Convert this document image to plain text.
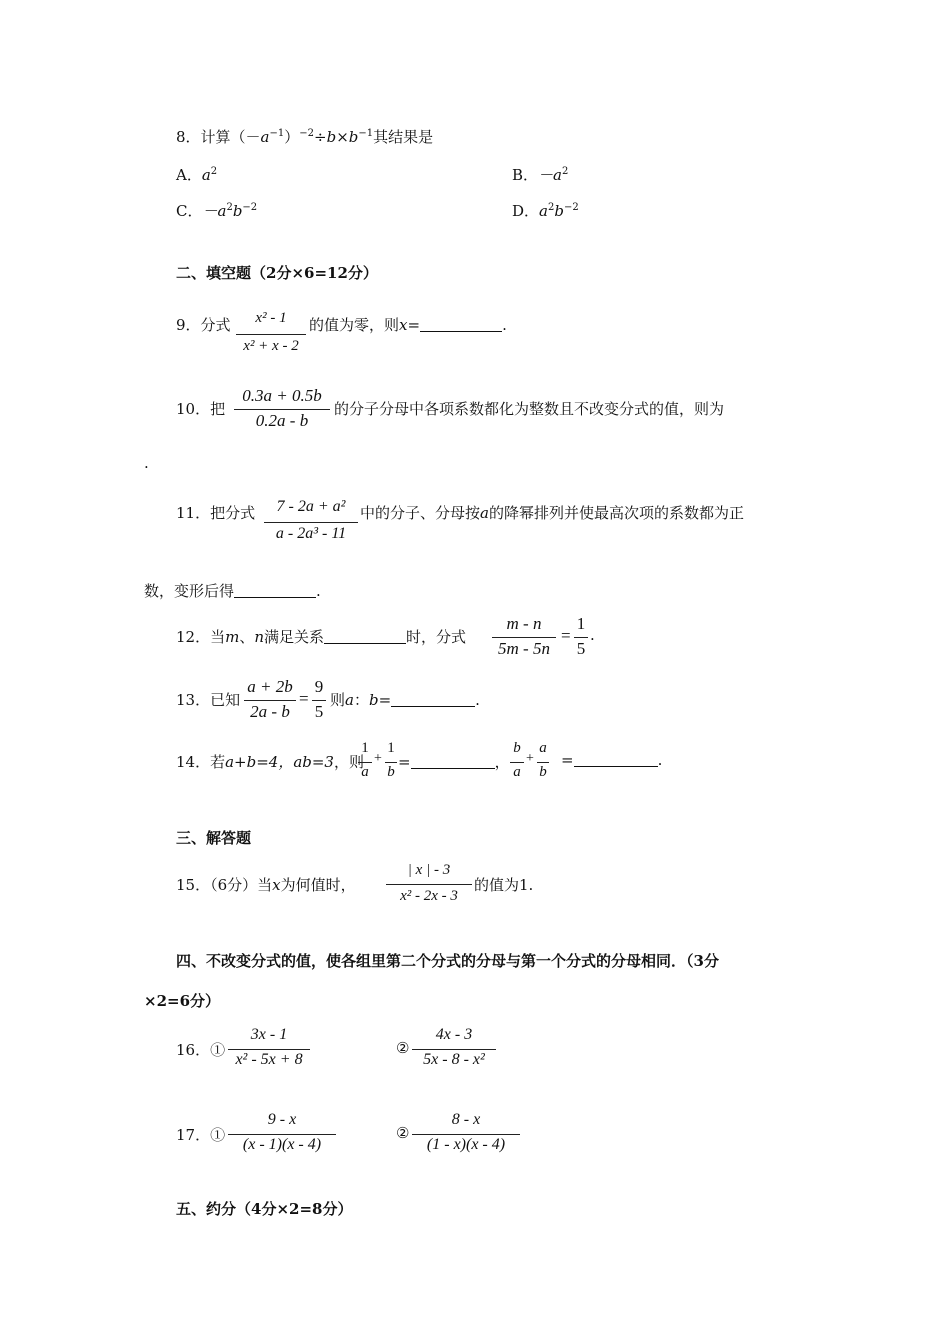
8．计算$(-a^{-1})^{-2}\div b\times b^{-1}$其结果是
A．$a^2$	B．$-a^2$
C．$-a^2b^{-2}$	D．$a^2b^{-2}$
二、填空题（2分×6=12分）
9．分式	x² - 1
x² + x - 2
的值为零，则x=	.
10．把
0.3a + 0.5b
0.2a - b
的分子分母中各项系数都化为整数且不改变分式的值，则为
.
11．把分式	7 - 2a + a²
a - 2a³ - 11
中的分子、分母按a的降幂排列并使最高次项的系数都为正
数，变形后得	.
12．当m、n满足关系	时，分式
m - n
5m - 5n
=
1
5
.
13．已知
a + 2b
2a - b
=
9
5
则a：b=	.
14．若a+b=4，ab=3，则
1
a
+
1
b
=	，
b
a
+
a
b
=	.
三、解答题
15．（6分）当x为何值时，
| x | - 3
x² - 2x - 3
的值为1.
四、不改变分式的值，使各组里第二个分式的分母与第一个分式的分母相同．（3分
×2=6分）
16．①
3x - 1
x² - 5x + 8
②
4x - 3
5x - 8 - x²
17．①
9 - x
(x - 1)(x - 4)
②
8 - x
(1 - x)(x - 4)
五、约分（4分×2=8分）
